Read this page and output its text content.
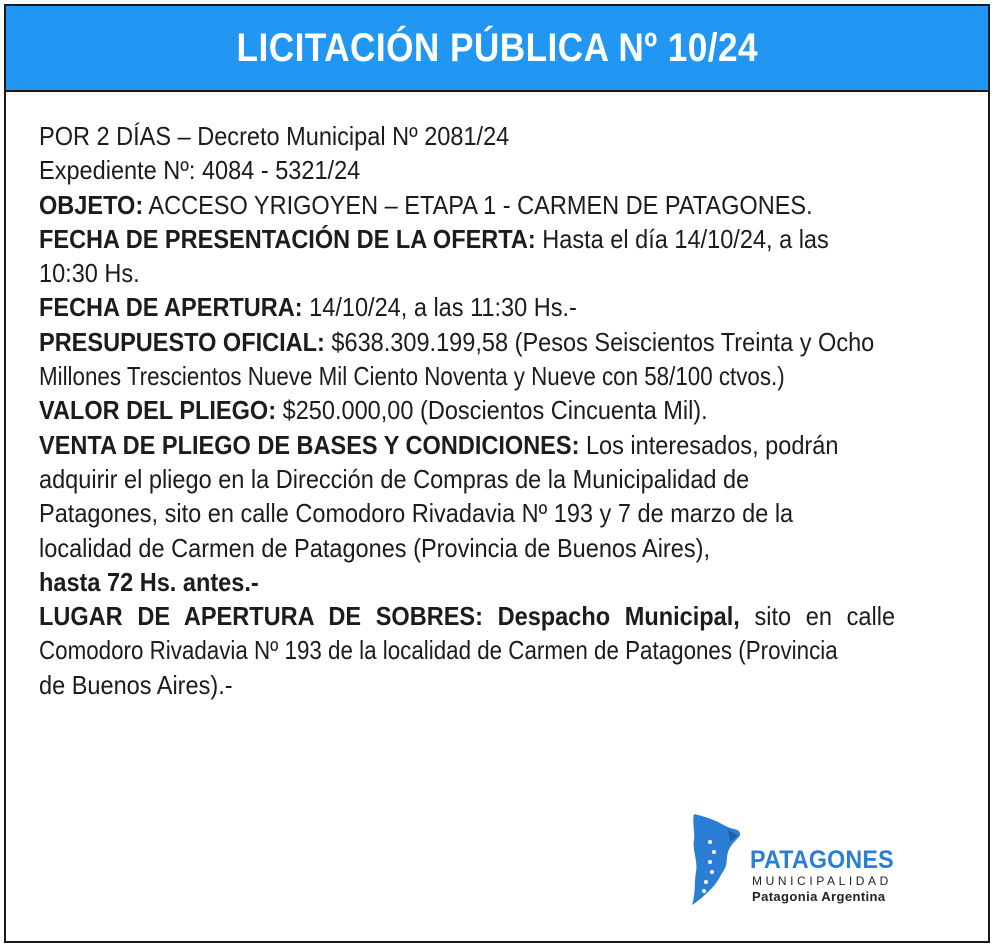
LICITACIÓN PÚBLICA Nº 10/24
POR 2 DÍAS – Decreto Municipal Nº 2081/24
Expediente Nº: 4084 - 5321/24
OBJETO: ACCESO YRIGOYEN – ETAPA 1 - CARMEN DE PATAGONES.
FECHA DE PRESENTACIÓN DE LA OFERTA: Hasta el día 14/10/24, a las
10:30 Hs.
FECHA DE APERTURA: 14/10/24, a las 11:30 Hs.-
PRESUPUESTO OFICIAL: $638.309.199,58 (Pesos Seiscientos Treinta y Ocho
Millones Trescientos Nueve Mil Ciento Noventa y Nueve con 58/100 ctvos.)
VALOR DEL PLIEGO: $250.000,00 (Doscientos Cincuenta Mil).
VENTA DE PLIEGO DE BASES Y CONDICIONES: Los interesados, podrán
adquirir el pliego en la Dirección de Compras de la Municipalidad de
Patagones, sito en calle Comodoro Rivadavia Nº 193 y 7 de marzo de la
localidad de Carmen de Patagones (Provincia de Buenos Aires),
hasta 72 Hs. antes.-
LUGAR DE APERTURA DE SOBRES: Despacho Municipal, sito en calle
Comodoro Rivadavia Nº 193 de la localidad de Carmen de Patagones (Provincia
de Buenos Aires).-
PATAGONES
MUNICIPALIDAD
Patagonia Argentina
